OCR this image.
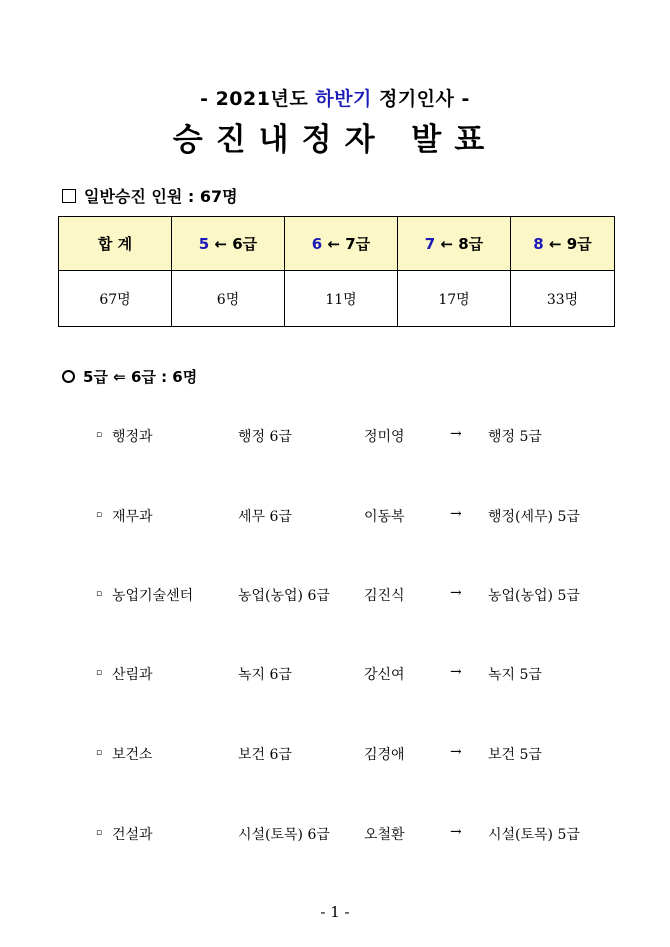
- 2021년도 하반기 정기인사 -
승진내정자 발표
일반승진 인원 : 67명
합 계	5 ← 6급	6 ← 7급	7 ← 8급	8 ← 9급
67명	6명	11명	17명	33명
5급 ⇐ 6급 : 6명
▫ 행정과	행정 6급	정미영	→ 행정 5급
▫ 재무과	세무 6급	이동복	→ 행정(세무) 5급
▫ 농업기술센터	농업(농업) 6급 김진식	→ 농업(농업) 5급
▫ 산림과	녹지 6급	강신여	→ 녹지 5급
▫ 보건소	보건 6급	김경애	→ 보건 5급
▫ 건설과	시설(토목) 6급 오철환	→ 시설(토목) 5급
- 1 -
